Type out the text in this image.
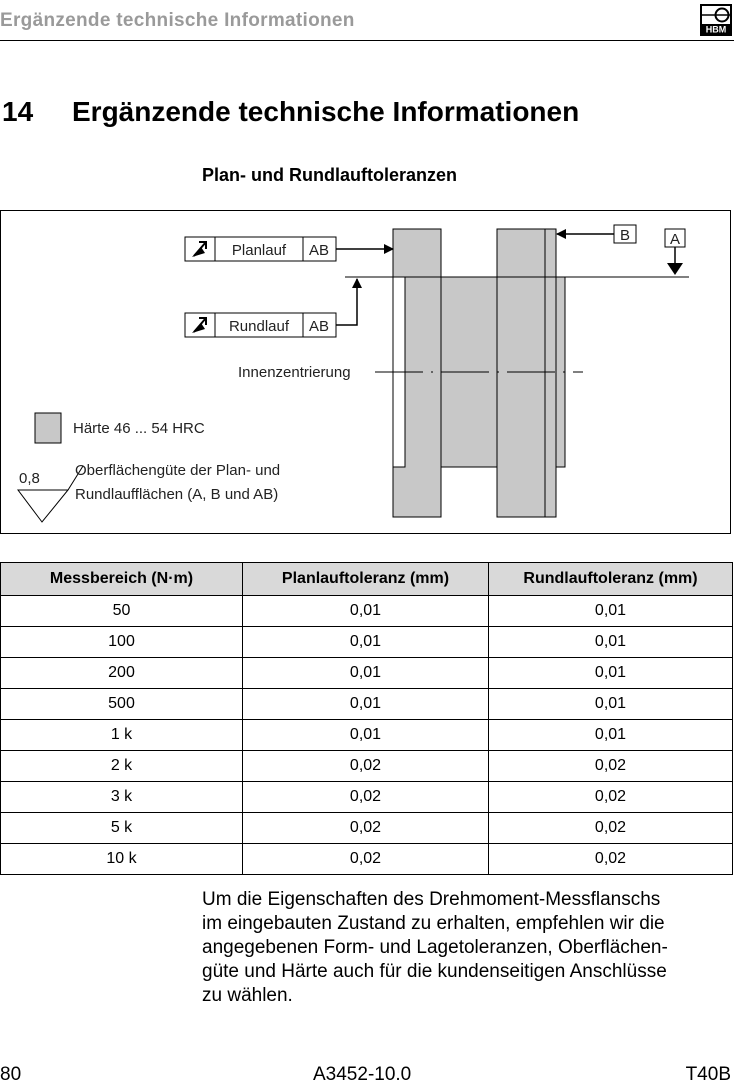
Ergänzende technische Informationen	HBM
14 Ergänzende technische Informationen
Plan- und Rundlauftoleranzen
Planlauf AB
Rundlauf AB
B	A
Innenzentrierung
Härte 46 ... 54 HRC
0,8 Oberflächengüte der Plan- und
Rundlaufflächen (A, B und AB)
Messbereich (N·m)	Planlauftoleranz (mm)	Rundlauftoleranz (mm)
50	0,01	0,01
100	0,01	0,01
200	0,01	0,01
500	0,01	0,01
1 k	0,01	0,01
2 k	0,02	0,02
3 k	0,02	0,02
5 k	0,02	0,02
10 k	0,02	0,02
Um die Eigenschaften des Drehmoment-Messflanschs
im eingebauten Zustand zu erhalten, empfehlen wir die
angegebenen Form- und Lagetoleranzen, Oberflächen-
güte und Härte auch für die kundenseitigen Anschlüsse
zu wählen.
80	A3452-10.0	T40B
